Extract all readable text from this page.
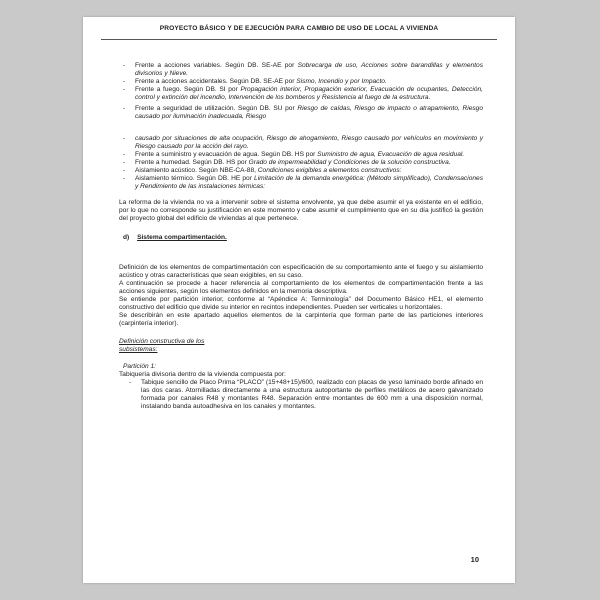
PROYECTO BÁSICO Y DE EJECUCIÓN PARA CAMBIO DE USO DE LOCAL A VIVIENDA
- Frente a acciones variables. Según DB. SE-AE por Sobrecarga de uso, Acciones sobre barandillas y elementos divisorios y Nieve.
- Frente a acciones accidentales. Según DB. SE-AE por Sismo, Incendio y por Impacto.
- Frente a fuego. Según DB. SI por Propagación interior, Propagación exterior, Evacuación de ocupantes, Detección, control y extinción del incendio, Intervención de los bomberos y Resistencia al fuego de la estructura.
- Frente a seguridad de utilización. Según DB. SU por Riesgo de caídas, Riesgo de impacto o atrapamiento, Riesgo causado por iluminación inadecuada, Riesgo
- causado por situaciones de alta ocupación, Riesgo de ahogamiento, Riesgo causado por vehículos en movimiento y Riesgo causado por la acción del rayo.
- Frente a suministro y evacuación de agua. Según DB. HS por Suministro de agua, Evacuación de agua residual.
- Frente a humedad. Según DB. HS por Grado de impermeabilidad y Condiciones de la solución constructiva.
- Aislamiento acústico. Según NBE-CA-88, Condiciones exigibles a elementos constructivos:
- Aislamiento térmico. Según DB. HE por Limitación de la demanda energética: (Método simplificado), Condensaciones y Rendimiento de las instalaciones térmicas:
La reforma de la vivienda no va a intervenir sobre el sistema envolvente, ya que debe asumir el ya existente en el edificio, por lo que no corresponde su justificación en este momento y cabe asumir el cumplimiento que en su día justificó la gestión del proyecto global del edificio de viviendas al que pertenece.
d) Sistema compartimentación.
Definición de los elementos de compartimentación con especificación de su comportamiento ante el fuego y su aislamiento acústico y otras características que sean exigibles, en su caso.
A continuación se procede a hacer referencia al comportamiento de los elementos de compartimentación frente a las acciones siguientes, según los elementos definidos en la memoria descriptiva.
Se entiende por partición interior, conforme al “Apéndice A: Terminología” del Documento Básico HE1, el elemento constructivo del edificio que divide su interior en recintos independientes. Pueden ser verticales u horizontales.
Se describirán en este apartado aquellos elementos de la carpintería que forman parte de las particiones interiores (carpintería interior).
Definición constructiva de los
subsistemas:
Partición 1:
Tabiquería divisoria dentro de la vivienda compuesta por:
- Tabique sencillo de Placo Prima “PLACO” (15+48+15)/600, realizado con placas de yeso laminado borde afinado en las dos caras. Atornilladas directamente a una estructura autoportante de perfiles metálicos de acero galvanizado formada por canales R48 y montantes R48. Separación entre montantes de 600 mm a una disposición normal, instalando banda autoadhesiva en los canales y montantes.
10
